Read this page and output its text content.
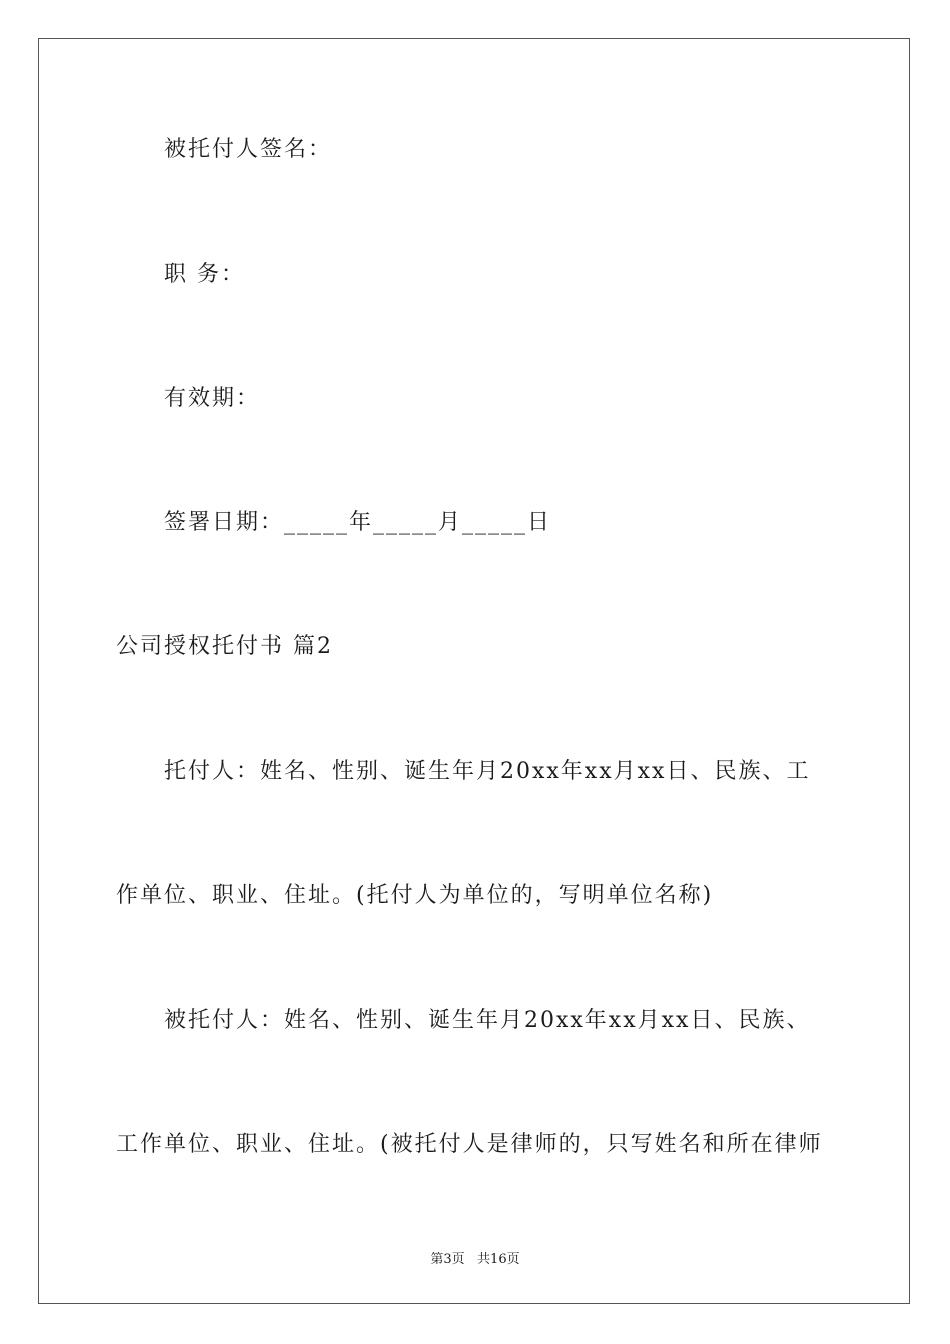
被托付人签名：
职 务：
有效期：
签署日期：_____年_____月_____日
公司授权托付书 篇2
托付人：姓名、性别、诞生年月20xx年xx月xx日、民族、工
作单位、职业、住址。(托付人为单位的，写明单位名称)
被托付人：姓名、性别、诞生年月20xx年xx月xx日、民族、
工作单位、职业、住址。(被托付人是律师的，只写姓名和所在律师
第3页   共16页
